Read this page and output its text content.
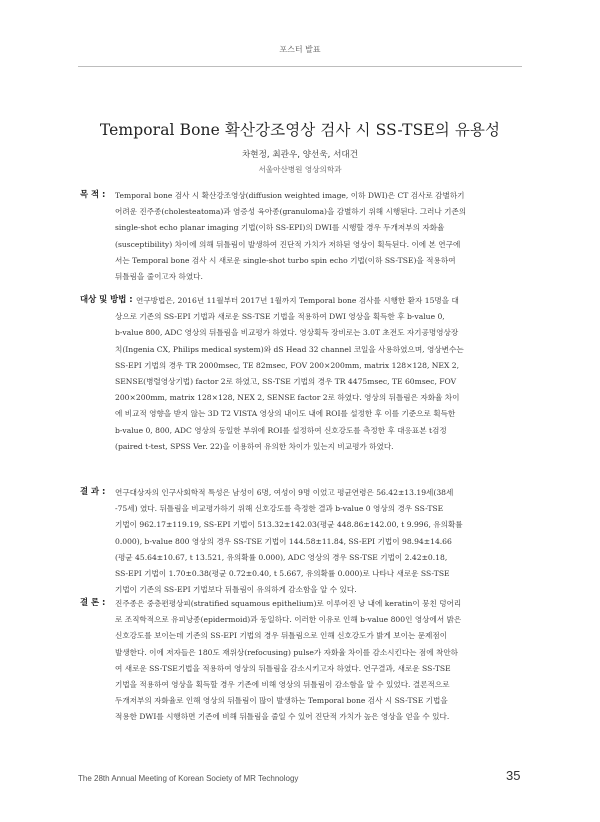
포스터 발표
Temporal Bone 확산강조영상 검사 시 SS-TSE의 유용성
차현정, 최관우, 양선욱, 서대건
서울아산병원 영상의학과
목 적 : Temporal bone 검사 시 확산강조영상(diffusion weighted image, 이하 DWI)은 CT 검사로 감별하기
어려운 진주종(cholesteatoma)과 염증성 육아종(granuloma)을 감별하기 위해 시행된다. 그러나 기존의
single-shot echo planar imaging 기법(이하 SS-EPI)의 DWI를 시행할 경우 두개저부의 자화율
(susceptibility) 차이에 의해 뒤틀림이 발생하여 진단적 가치가 저하된 영상이 획득된다. 이에 본 연구에
서는 Temporal bone 검사 시 새로운 single-shot turbo spin echo 기법(이하 SS-TSE)을 적용하여
뒤틀림을 줄이고자 하였다.
대상 및 방법 : 연구방법은, 2016년 11월부터 2017년 1월까지 Temporal bone 검사를 시행한 환자 15명을 대
상으로 기존의 SS-EPI 기법과 새로운 SS-TSE 기법을 적용하여 DWI 영상을 획득한 후 b-value 0,
b-value 800, ADC 영상의 뒤틀림을 비교평가 하였다. 영상획득 장비로는 3.0T 초전도 자기공명영상장
치(Ingenia CX, Philips medical system)와 dS Head 32 channel 코일을 사용하였으며, 영상변수는
SS-EPI 기법의 경우 TR 2000msec, TE 82msec, FOV 200×200mm, matrix 128×128, NEX 2,
SENSE(병렬영상기법) factor 2로 하였고, SS-TSE 기법의 경우 TR 4475msec, TE 60msec, FOV
200×200mm, matrix 128×128, NEX 2, SENSE factor 2로 하였다. 영상의 뒤틀림은 자화율 차이
에 비교적 영향을 받지 않는 3D T2 VISTA 영상의 내이도 내에 ROI를 설정한 후 이를 기준으로 획득한
b-value 0, 800, ADC 영상의 동일한 부위에 ROI를 설정하여 신호강도를 측정한 후 대응표본 t검정
(paired t-test, SPSS Ver. 22)을 이용하여 유의한 차이가 있는지 비교평가 하였다.
결 과 : 연구대상자의 인구사회학적 특성은 남성이 6명, 여성이 9명 이었고 평균연령은 56.42±13.19세(38세
-75세) 였다. 뒤틀림을 비교평가하기 위해 신호강도를 측정한 결과 b-value 0 영상의 경우 SS-TSE
기법이 962.17±119.19, SS-EPI 기법이 513.32±142.03(평균 448.86±142.00, t 9.996, 유의확률
0.000), b-value 800 영상의 경우 SS-TSE 기법이 144.58±11.84, SS-EPI 기법이 98.94±14.66
(평균 45.64±10.67, t 13.521, 유의확률 0.000), ADC 영상의 경우 SS-TSE 기법이 2.42±0.18,
SS-EPI 기법이 1.70±0.38(평균 0.72±0.40, t 5.667, 유의확률 0.000)로 나타나 새로운 SS-TSE
기법이 기존의 SS-EPI 기법보다 뒤틀림이 유의하게 감소함을 알 수 있다.
결 론 : 진주종은 중층편평상피(stratified squamous epithelium)로 이루어진 낭 내에 keratin이 뭉친 덩어리
로 조직학적으로 유피낭종(epidermoid)과 동일하다. 이러한 이유로 인해 b-value 800인 영상에서 밝은
신호강도를 보이는데 기존의 SS-EPI 기법의 경우 뒤틀림으로 인해 신호강도가 밝게 보이는 문제점이
발생한다. 이에 저자들은 180도 재위상(refocusing) pulse가 자화율 차이를 감소시킨다는 점에 착안하
여 새로운 SS-TSE기법을 적용하여 영상의 뒤틀림을 감소시키고자 하였다. 연구결과, 새로운 SS-TSE
기법을 적용하여 영상을 획득할 경우 기존에 비해 영상의 뒤틀림이 감소함을 알 수 있었다. 결론적으로
두개저부의 자화율로 인해 영상의 뒤틀림이 많이 발생하는 Temporal bone 검사 시 SS-TSE 기법을
적용한 DWI를 시행하면 기존에 비해 뒤틀림을 줄일 수 있어 진단적 가치가 높은 영상을 얻을 수 있다.
The 28th Annual Meeting of Korean Society of MR Technology	35
